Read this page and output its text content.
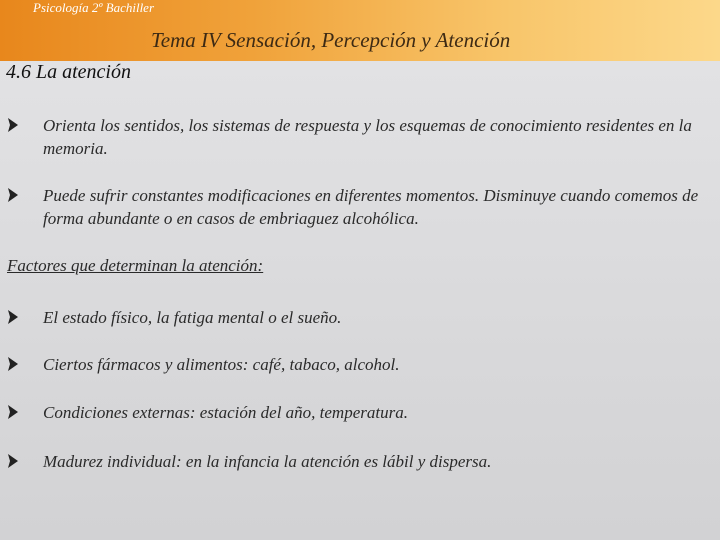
Psicología 2º Bachiller
Tema IV Sensación, Percepción y Atención
4.6 La atención
Orienta los sentidos, los sistemas de respuesta y los esquemas de conocimiento residentes en la memoria.
Puede sufrir constantes modificaciones en diferentes momentos. Disminuye cuando comemos de forma abundante o en casos de embriaguez alcohólica.
Factores que determinan la atención:
El estado físico, la fatiga mental o el sueño.
Ciertos fármacos y alimentos: café, tabaco, alcohol.
Condiciones externas: estación del año, temperatura.
Madurez individual: en la infancia la atención es lábil y dispersa.
